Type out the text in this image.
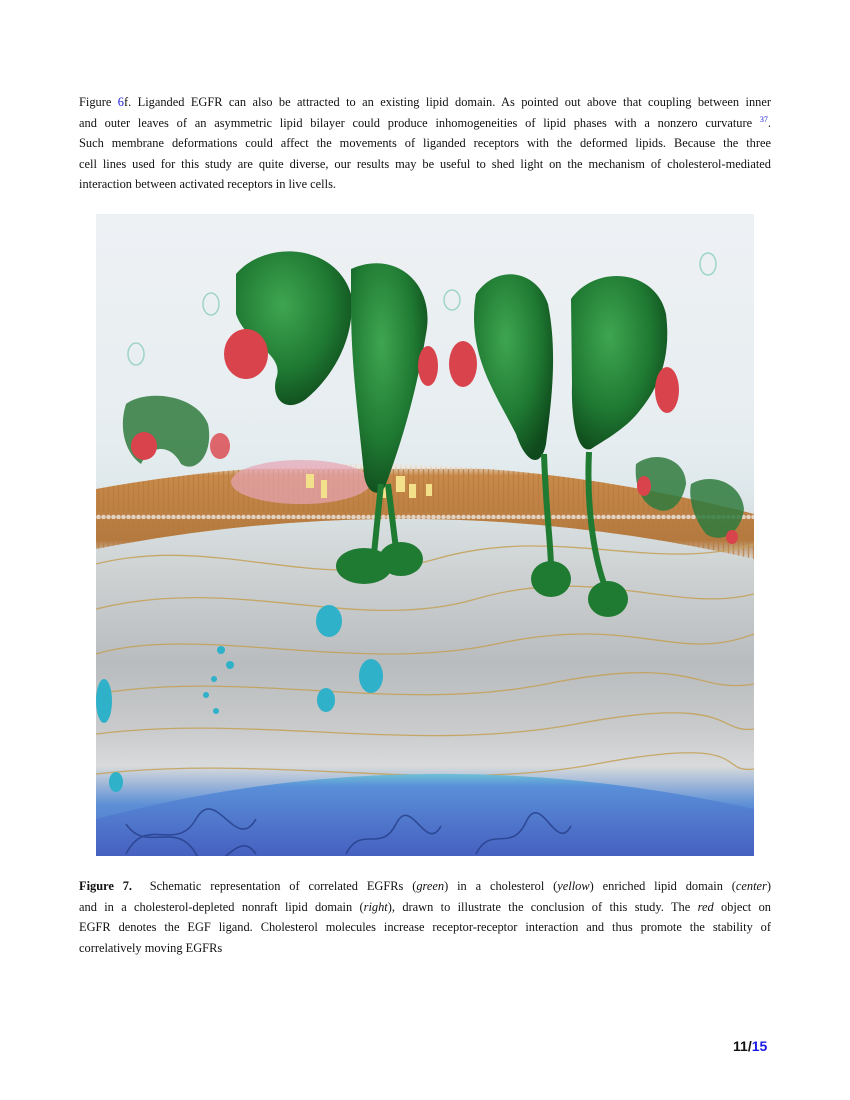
Figure 6f. Liganded EGFR can also be attracted to an existing lipid domain. As pointed out above that coupling between inner
and outer leaves of an asymmetric lipid bilayer could produce inhomogeneities of lipid phases with a nonzero curvature $^{37}$.
Such membrane deformations could affect the movements of liganded receptors with the deformed lipids. Because the three
cell lines used for this study are quite diverse, our results may be useful to shed light on the mechanism of cholesterol-mediated
interaction between activated receptors in live cells.
Figure 7. Schematic representation of correlated EGFRs (green) in a cholesterol (yellow) enriched lipid domain (center)
and in a cholesterol-depleted nonraft lipid domain (right), drawn to illustrate the conclusion of this study. The red object on
EGFR denotes the EGF ligand. Cholesterol molecules increase receptor-receptor interaction and thus promote the stability of
correlatively moving EGFRs
11/15
